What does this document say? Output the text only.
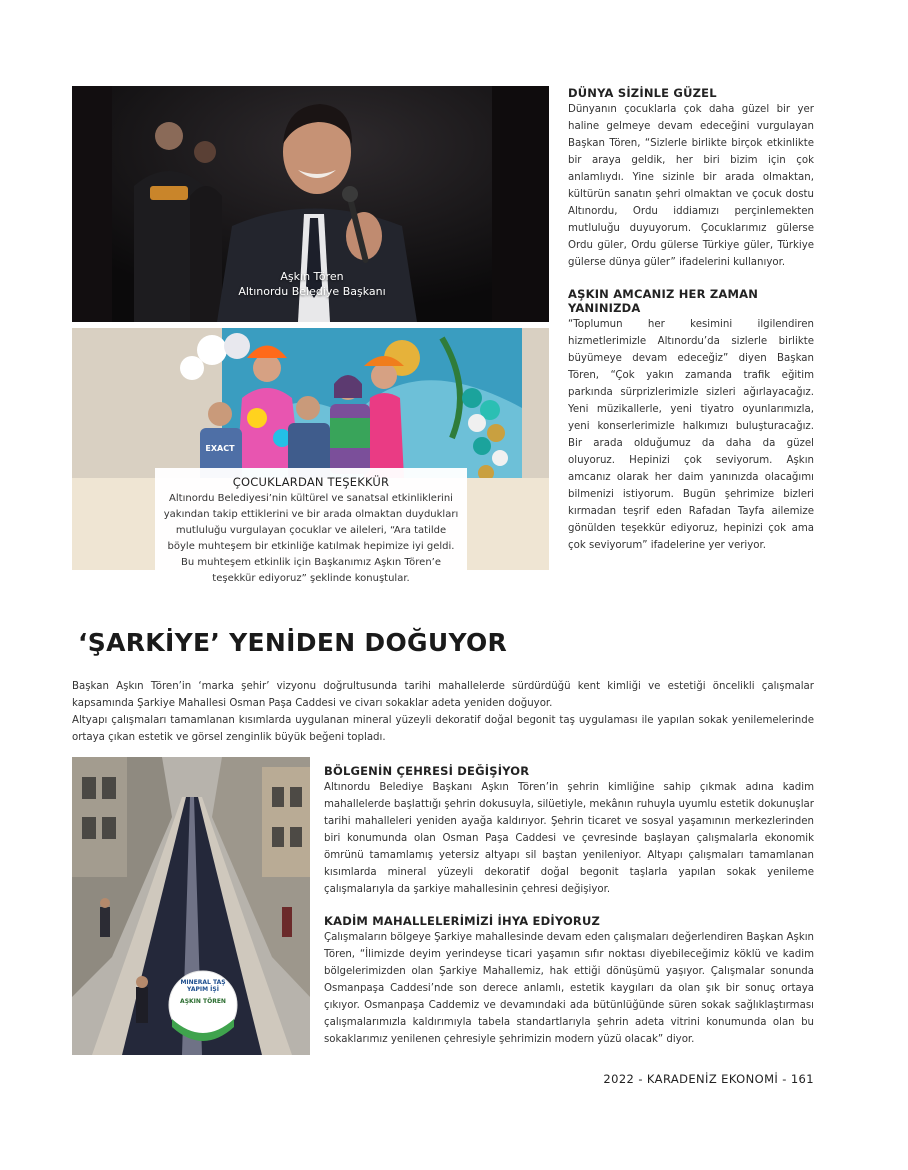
Aşkın Tören
Altınordu Belediye Başkanı
EXACT
ÇOCUKLARDAN TEŞEKKÜR
Altınordu Belediyesi’nin kültürel ve sanatsal etkinliklerini yakından takip ettiklerini ve bir arada olmaktan duydukları mutluluğu vurgulayan çocuklar ve aileleri, “Ara tatilde böyle muhteşem bir etkinliğe katılmak hepimize iyi geldi. Bu muhteşem etkinlik için Başkanımız Aşkın Tören’e teşekkür ediyoruz” şeklinde konuştular.
DÜNYA SİZİNLE GÜZEL

Dünyanın çocuklarla çok daha güzel bir yer haline gelmeye devam edeceğini vurgulayan Başkan Tören, “Sizlerle birlikte birçok etkinlikte bir araya geldik, her biri bizim için çok anlamlıydı. Yine sizinle bir arada olmaktan, kültürün sanatın şehri olmaktan ve çocuk dostu Altınordu, Ordu iddiamızı perçinlemekten mutluluğu duyuyorum. Çocuklarımız gülerse Ordu güler, Ordu gülerse Türkiye güler, Türkiye gülerse dünya güler” ifadelerini kullanıyor.

AŞKIN AMCANIZ HER ZAMAN YANINIZDA

“Toplumun her kesimini ilgilendiren hizmetlerimizle Altınordu’da sizlerle birlikte büyümeye devam edeceğiz” diyen Başkan Tören, “Çok yakın zamanda trafik eğitim parkında sürprizlerimizle sizleri ağırlayacağız. Yeni müzikallerle, yeni tiyatro oyunlarımızla, yeni konserlerimizle halkımızı buluşturacağız. Bir arada olduğumuz da daha da güzel oluyoruz. Hepinizi çok seviyorum. Aşkın amcanız olarak her daim yanınızda olacağımı bilmenizi istiyorum. Bugün şehrimize bizleri kırmadan teşrif eden Rafadan Tayfa ailemize gönülden teşekkür ediyoruz, hepinizi çok ama çok seviyorum” ifadelerine yer veriyor.

‘ŞARKİYE’ YENİDEN DOĞUYOR

Başkan Aşkın Tören’in ‘marka şehir’ vizyonu doğrultusunda tarihi mahallelerde sürdürdüğü kent kimliği ve estetiği öncelikli çalışmalar kapsamında Şarkiye Mahallesi Osman Paşa Caddesi ve civarı sokaklar adeta yeniden doğuyor.

Altyapı çalışmaları tamamlanan kısımlarda uygulanan mineral yüzeyli dekoratif doğal begonit taş uygulaması ile yapılan sokak yenilemelerinde ortaya çıkan estetik ve görsel zenginlik büyük beğeni topladı.

MINERAL TAŞ
YAPIM İŞİ
AŞKIN TÖREN
BÖLGENİN ÇEHRESİ DEĞİŞİYOR

Altınordu Belediye Başkanı Aşkın Tören’in şehrin kimliğine sahip çıkmak adına kadim mahallelerde başlattığı şehrin dokusuyla, silüetiyle, mekânın ruhuyla uyumlu estetik dokunuşlar tarihi mahalleleri yeniden ayağa kaldırıyor. Şehrin ticaret ve sosyal yaşamının merkezlerinden biri konumunda olan Osman Paşa Caddesi ve çevresinde başlayan çalışmalarla ekonomik ömrünü tamamlamış yetersiz altyapı sil baştan yenileniyor. Altyapı çalışmaları tamamlanan kısımlarda mineral yüzeyli dekoratif doğal begonit taşlarla yapılan sokak yenileme çalışmalarıyla da şarkiye mahallesinin çehresi değişiyor.

KADİM MAHALLELERİMİZİ İHYA EDİYORUZ

Çalışmaların bölgeye Şarkiye mahallesinde devam eden çalışmaları değerlendiren Başkan Aşkın Tören, “İlimizde deyim yerindeyse ticari yaşamın sıfır noktası diyebileceğimiz köklü ve kadim bölgelerimizden olan Şarkiye Mahallemiz, hak ettiği dönüşümü yaşıyor. Çalışmalar sonunda Osmanpaşa Caddesi’nde son derece anlamlı, estetik kaygıları da olan şık bir sonuç ortaya çıkıyor. Osmanpaşa Caddemiz ve devamındaki ada bütünlüğünde süren sokak sağlıklaştırması çalışmalarımızla kaldırımıyla tabela standartlarıyla şehrin adeta vitrini konumunda olan bu sokaklarımız yenilenen çehresiyle şehrimizin modern yüzü olacak” diyor.

2022 - KARADENİZ EKONOMİ - 161
